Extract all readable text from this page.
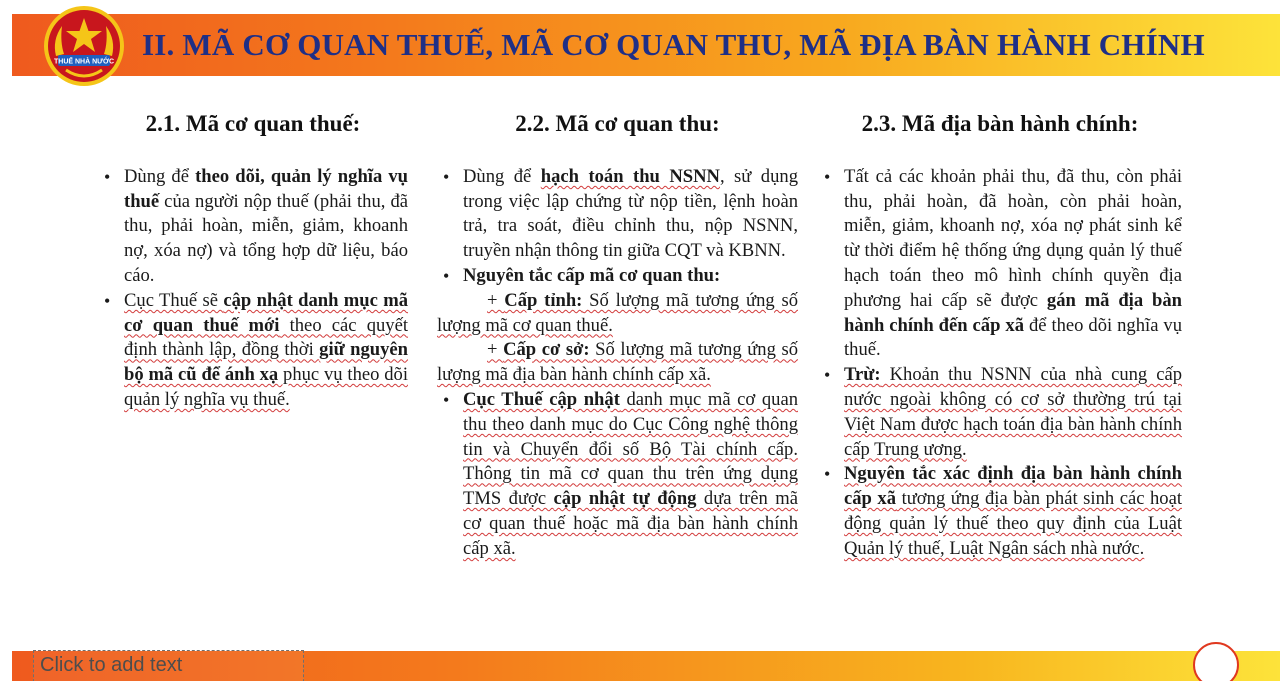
THUẾ NHÀ NƯỚC II. MÃ CƠ QUAN THUẾ, MÃ CƠ QUAN THU, MÃ ĐỊA BÀN HÀNH CHÍNH
2.1. Mã cơ quan thuế:
• Dùng để theo dõi, quản lý nghĩa vụ thuế của người nộp thuế (phải thu, đã thu, phải hoàn, miễn, giảm, khoanh nợ, xóa nợ) và tổng hợp dữ liệu, báo cáo.
• Cục Thuế sẽ cập nhật danh mục mã cơ quan thuế mới theo các quyết định thành lập, đồng thời giữ nguyên bộ mã cũ để ánh xạ phục vụ theo dõi quản lý nghĩa vụ thuế.
2.2. Mã cơ quan thu:
• Dùng để hạch toán thu NSNN, sử dụng trong việc lập chứng từ nộp tiền, lệnh hoàn trả, tra soát, điều chỉnh thu, nộp NSNN, truyền nhận thông tin giữa CQT và KBNN.
• Nguyên tắc cấp mã cơ quan thu:

+ Cấp tỉnh: Số lượng mã tương ứng số lượng mã cơ quan thuế.

+ Cấp cơ sở: Số lượng mã tương ứng số lượng mã địa bàn hành chính cấp xã.

• Cục Thuế cập nhật danh mục mã cơ quan thu theo danh mục do Cục Công nghệ thông tin và Chuyển đổi số Bộ Tài chính cấp. Thông tin mã cơ quan thu trên ứng dụng TMS được cập nhật tự động dựa trên mã cơ quan thuế hoặc mã địa bàn hành chính cấp xã.
2.3. Mã địa bàn hành chính:
• Tất cả các khoản phải thu, đã thu, còn phải thu, phải hoàn, đã hoàn, còn phải hoàn, miễn, giảm, khoanh nợ, xóa nợ phát sinh kể từ thời điểm hệ thống ứng dụng quản lý thuế hạch toán theo mô hình chính quyền địa phương hai cấp sẽ được gán mã địa bàn hành chính đến cấp xã để theo dõi nghĩa vụ thuế.
• Trừ: Khoản thu NSNN của nhà cung cấp nước ngoài không có cơ sở thường trú tại Việt Nam được hạch toán địa bàn hành chính cấp Trung ương.
• Nguyên tắc xác định địa bàn hành chính cấp xã tương ứng địa bàn phát sinh các hoạt động quản lý thuế theo quy định của Luật Quản lý thuế, Luật Ngân sách nhà nước.
Click to add text
